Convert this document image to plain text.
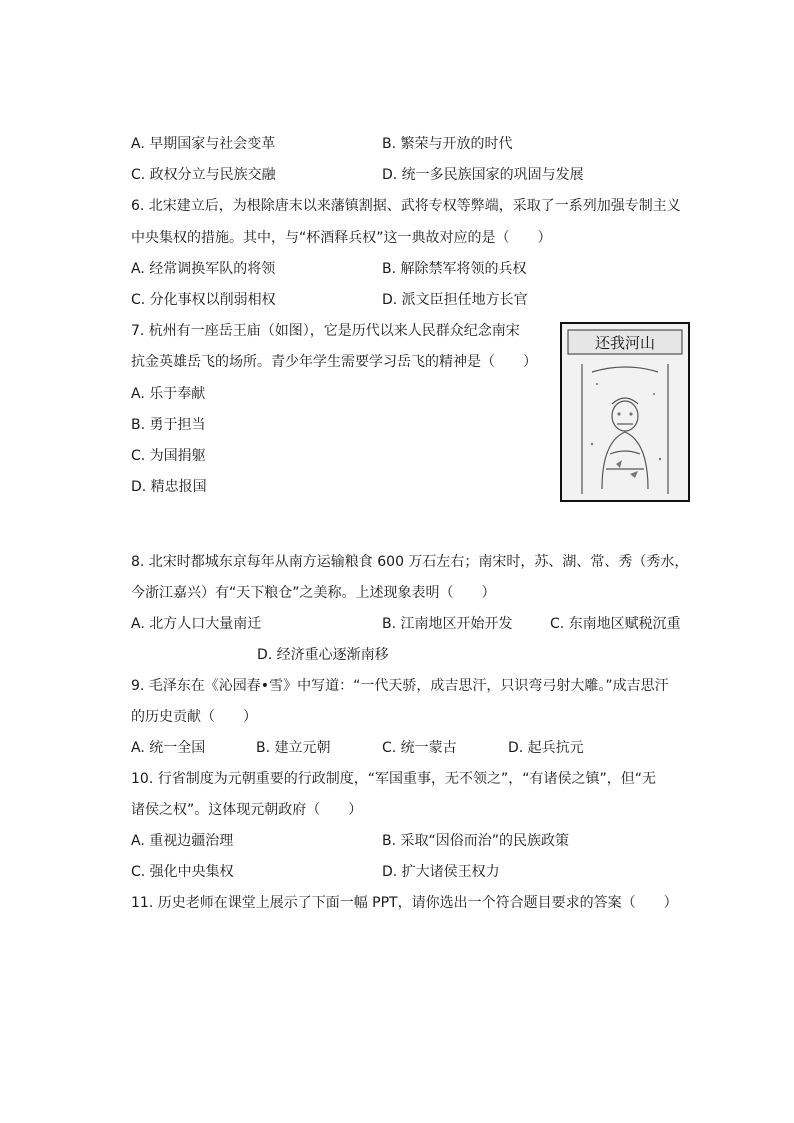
A. 早期国家与社会变革	B. 繁荣与开放的时代
C. 政权分立与民族交融	D. 统一多民族国家的巩固与发展
6. 北宋建立后，为根除唐末以来藩镇割据、武将专权等弊端，采取了一系列加强专制主义
中央集权的措施。其中，与“杯酒释兵权”这一典故对应的是（　　）
A. 经常调换军队的将领	B. 解除禁军将领的兵权
C. 分化事权以削弱相权	D. 派文臣担任地方长官
7. 杭州有一座岳王庙（如图），它是历代以来人民群众纪念南宋
抗金英雄岳飞的场所。青少年学生需要学习岳飞的精神是（　　）
A. 乐于奉献
B. 勇于担当
C. 为国捐躯
D. 精忠报国
还我河山
8. 北宋时都城东京每年从南方运输粮食 600 万石左右；南宋时，苏、湖、常、秀（秀水，
今浙江嘉兴）有“天下粮仓”之美称。上述现象表明（　　）
A. 北方人口大量南迁	B. 江南地区开始开发	C. 东南地区赋税沉重
D. 经济重心逐渐南移
9. 毛泽东在《沁园春•雪》中写道：“一代天骄，成吉思汗，只识弯弓射大雕。”成吉思汗
的历史贡献（　　）
A. 统一全国	B. 建立元朝	C. 统一蒙古	D. 起兵抗元
10. 行省制度为元朝重要的行政制度，“军国重事，无不领之”，“有诸侯之镇”，但“无
诸侯之权”。这体现元朝政府（　　）
A. 重视边疆治理	B. 采取“因俗而治”的民族政策
C. 强化中央集权	D. 扩大诸侯王权力
11. 历史老师在课堂上展示了下面一幅 PPT，请你选出一个符合题目要求的答案（　　）
